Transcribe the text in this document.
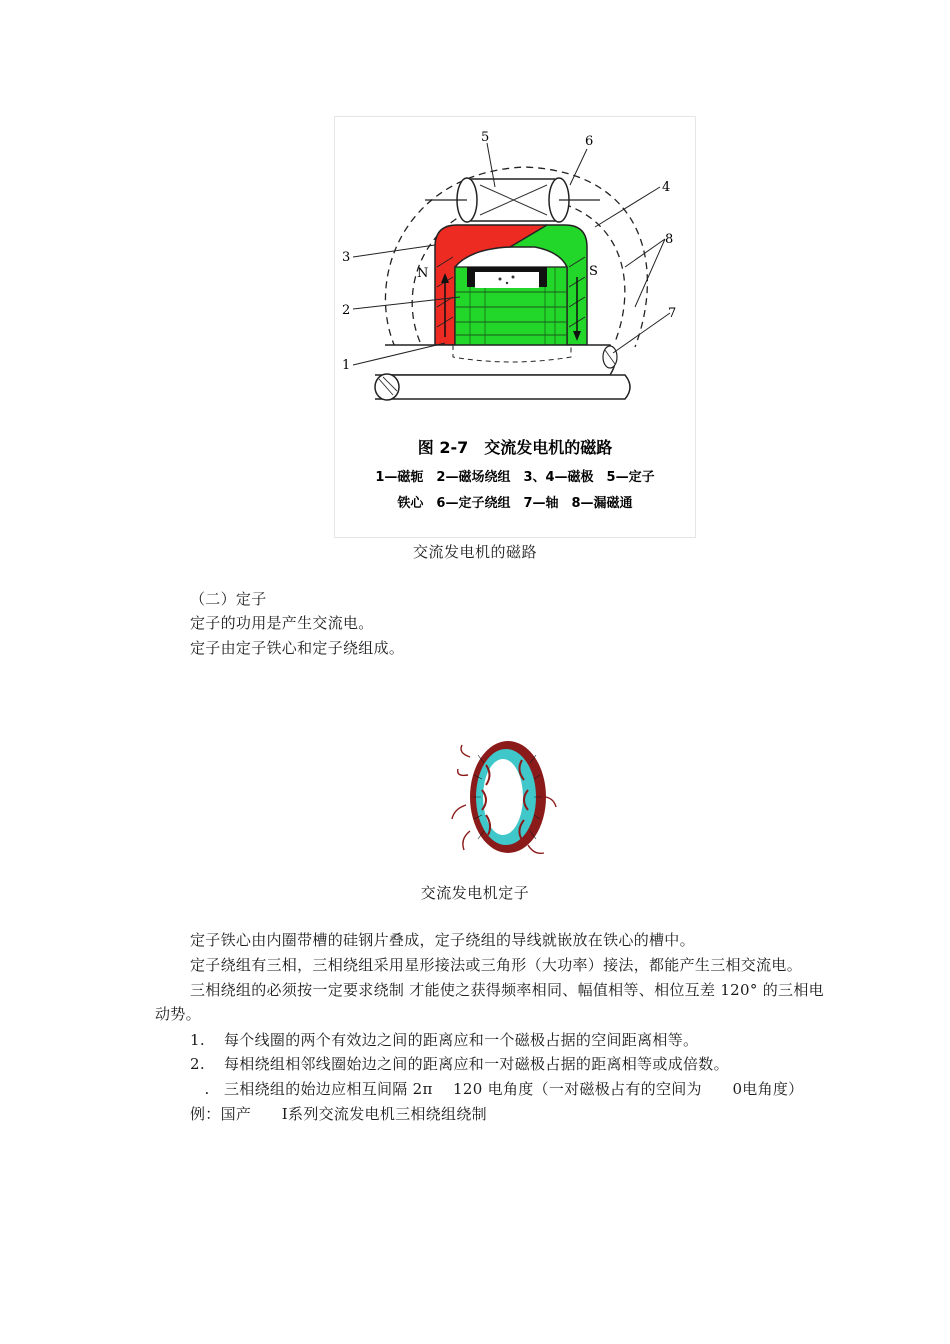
5	6
4
8
3
2
1
7
N	S
图 2-7　交流发电机的磁路
1—磁轭　2—磁场绕组　3、4—磁极　5—定子
铁心　6—定子绕组　7—轴　8—漏磁通
交流发电机的磁路
（二）定子
定子的功用是产生交流电。
定子由定子铁心和定子绕组成。
交流发电机定子
定子铁心由内圈带槽的硅钢片叠成，定子绕组的导线就嵌放在铁心的槽中。
定子绕组有三相，三相绕组采用星形接法或三角形（大功率）接法，都能产生三相交流电。
三相绕组的必须按一定要求绕制 才能使之获得频率相同、幅值相等、相位互差 120° 的三相电
动势。
1. 每个线圈的两个有效边之间的距离应和一个磁极占据的空间距离相等。
2. 每相绕组相邻线圈始边之间的距离应和一对磁极占据的距离相等或成倍数。
. 三相绕组的始边应相互间隔 2π　 120 电角度（一对磁极占有的空间为　　0电角度）
例：国产　　I系列交流发电机三相绕组绕制
